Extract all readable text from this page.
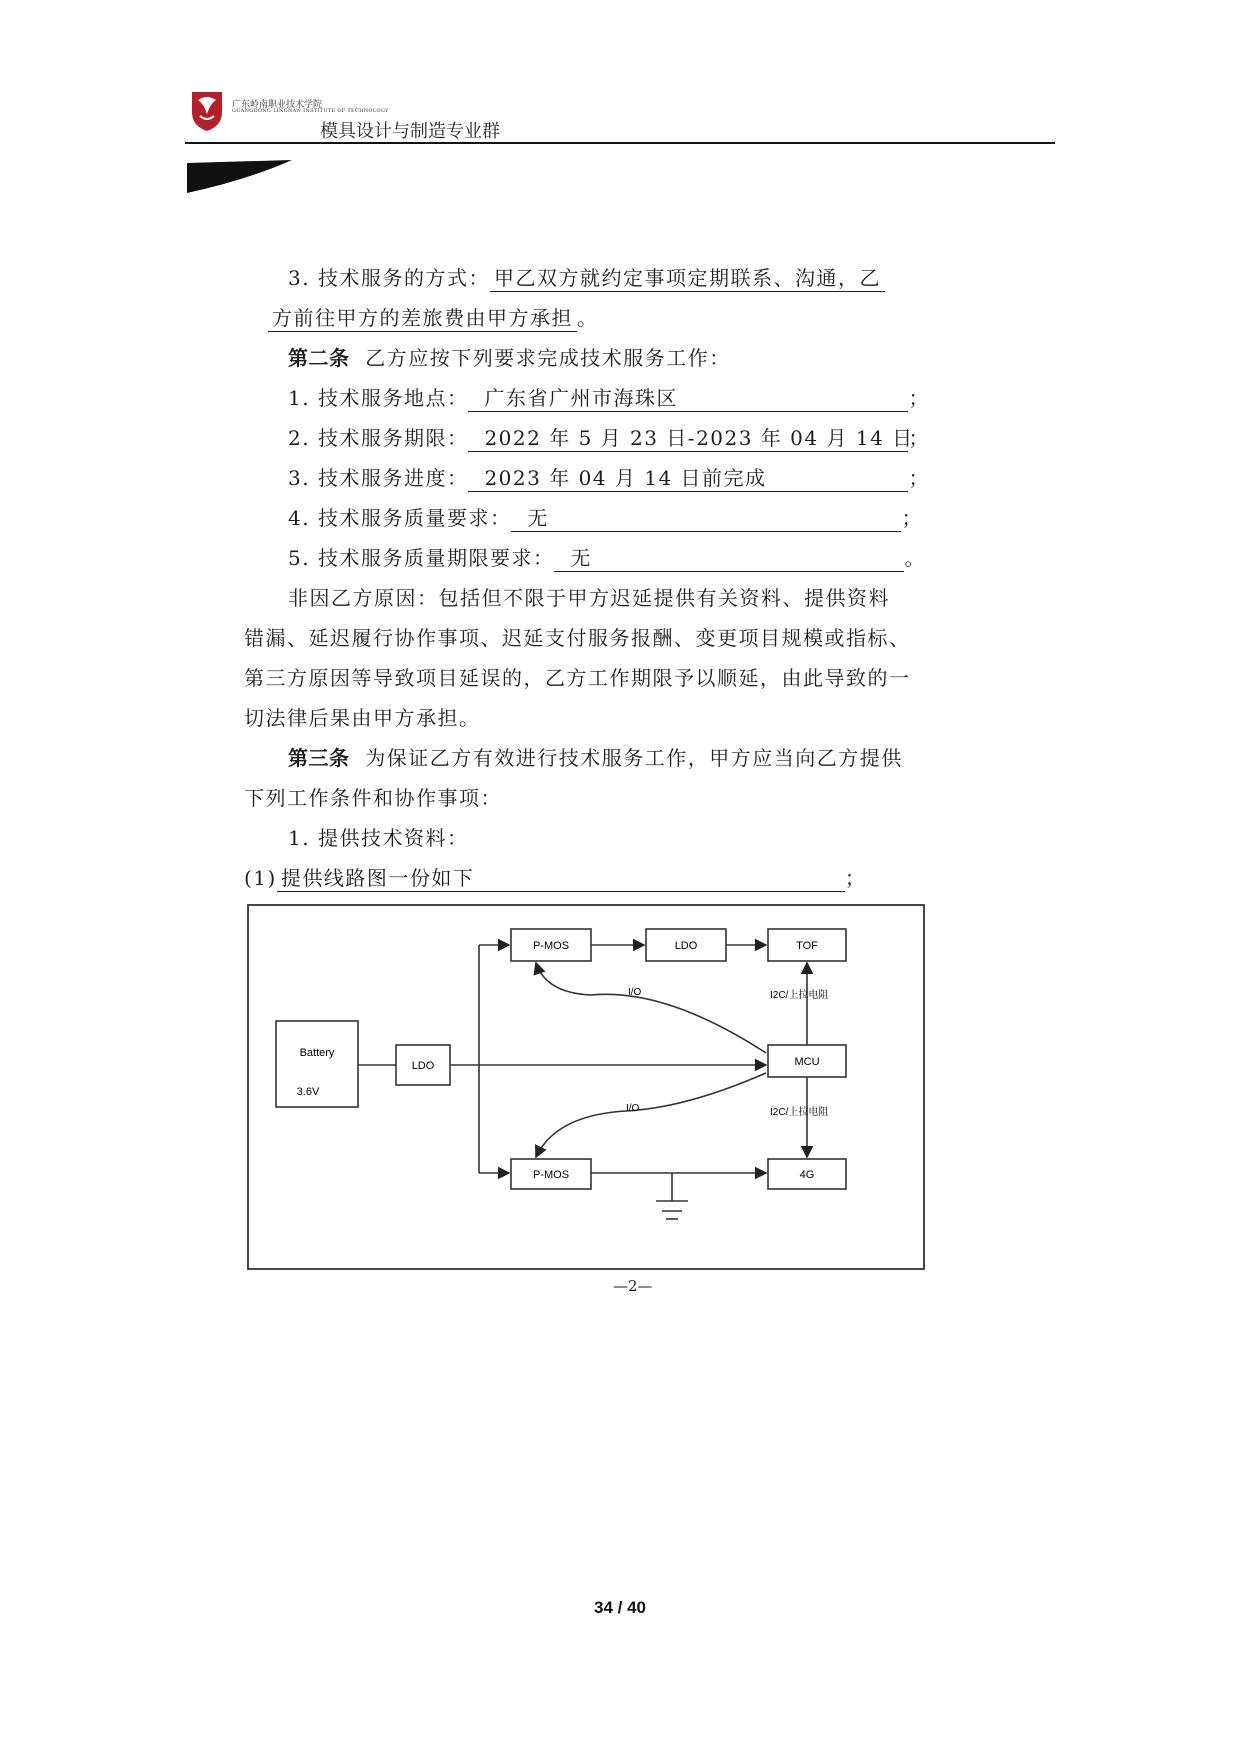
广东岭南职业技术学院
GUANGDONG LINGNAN INSTITUTE OF TECHNOLOGY
模具设计与制造专业群
3. 技术服务的方式： 甲乙双方就约定事项定期联系、沟通，乙
方前往甲方的差旅费由甲方承担 。
第二条 乙方应按下列要求完成技术服务工作：
1. 技术服务地点： 广东省广州市海珠区	；
2. 技术服务期限： 2022 年 5 月 23 日-2023 年 04 月 14 日；
3. 技术服务进度： 2023 年 04 月 14 日前完成	；
4. 技术服务质量要求： 无	；
5. 技术服务质量期限要求： 无	。
非因乙方原因：包括但不限于甲方迟延提供有关资料、提供资料
错漏、延迟履行协作事项、迟延支付服务报酬、变更项目规模或指标、
第三方原因等导致项目延误的，乙方工作期限予以顺延，由此导致的一
切法律后果由甲方承担。
第三条 为保证乙方有效进行技术服务工作，甲方应当向乙方提供
下列工作条件和协作事项：
1. 提供技术资料：
(1) 提供线路图一份如下	；
Battery
3.6V
LDO
P-MOS	LDO	TOF
MCU
P-MOS	4G
I/O
I/O
I2C/上拉电阻
I2C/上拉电阻
—2—
34 / 40
